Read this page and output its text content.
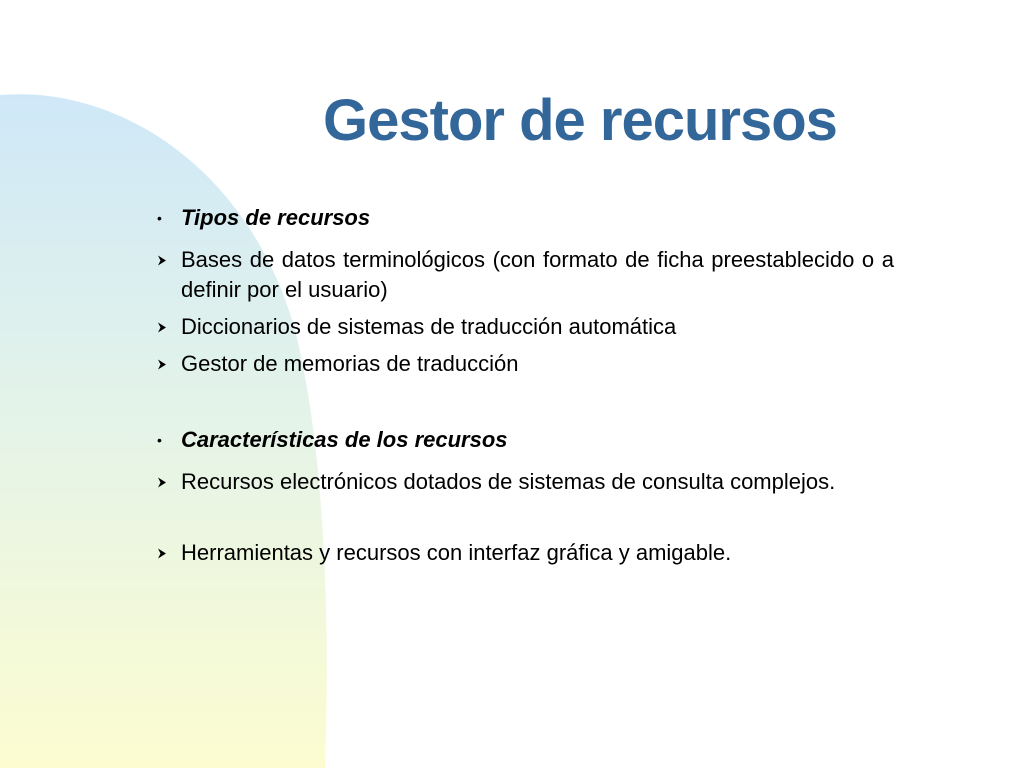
Gestor de recursos
• Tipos de recursos
Bases de datos terminológicos (con formato de ficha preestablecido o a definir por el usuario)
Diccionarios de sistemas de traducción automática
Gestor de memorias de traducción
• Características de los recursos
Recursos electrónicos dotados de sistemas de consulta complejos.
Herramientas y recursos con interfaz gráfica y amigable.
